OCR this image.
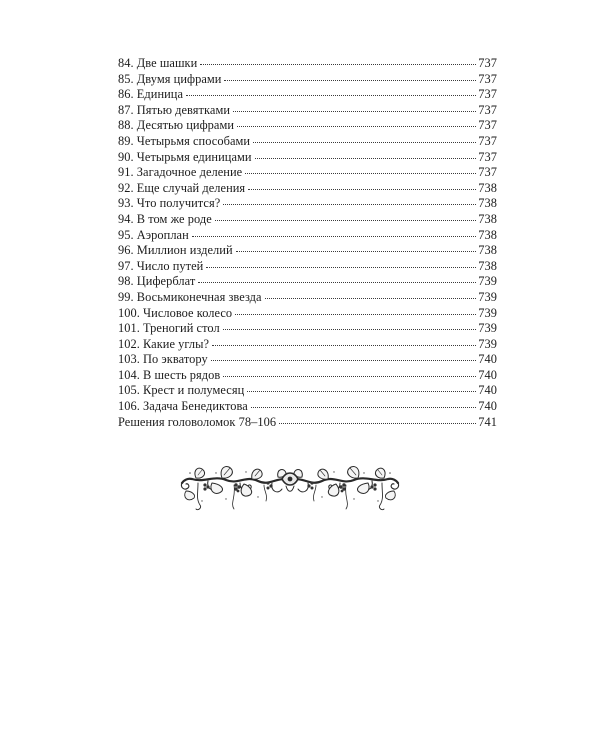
84. Две шашки	737
85. Двумя цифрами	737
86. Единица	737
87. Пятью девятками	737
88. Десятью цифрами	737
89. Четырьмя способами	737
90. Четырьмя единицами	737
91. Загадочное деление	737
92. Еще случай деления	738
93. Что получится?	738
94. В том же роде	738
95. Аэроплан	738
96. Миллион изделий	738
97. Число путей	738
98. Циферблат	739
99. Восьмиконечная звезда	739
100. Числовое колесо	739
101. Треногий стол	739
102. Какие углы?	739
103. По экватору	740
104. В шесть рядов	740
105. Крест и полумесяц	740
106. Задача Бенедиктова	740
Решения головоломок 78–106	741
